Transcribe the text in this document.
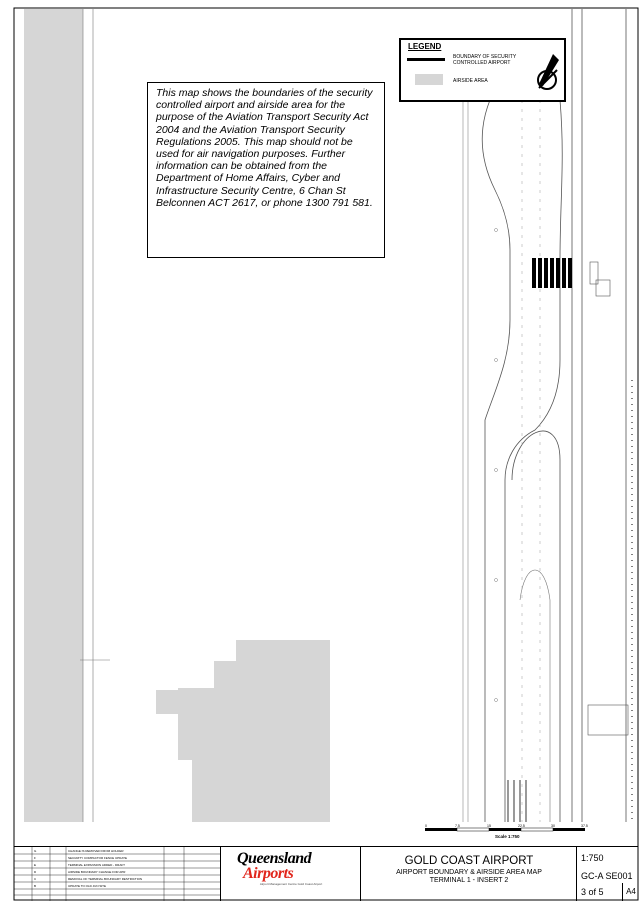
This map shows the boundaries of the security controlled airport and airside area for the purpose of the Aviation Transport Security Act 2004 and the Aviation Transport Security Regulations 2005. This map should not be used for air navigation purposes. Further information can be obtained from the Department of Home Affairs, Cyber and Infrastructure Security Centre, 6 Chan St Belconnen ACT 2617, or phone 1300 791 581.
LEGEND
BOUNDARY OF SECURITY CONTROLLED AIRPORT
AIRSIDE AREA
0	7.5	15	22.5	30	37.5
Scale 1:750
G	CHANGE IS REMOVED FROM HOLDER
F	SECURITY COMPACTOR FENCE UPDATE
E	TERMINAL EXPANSION ADDED - DRAFT
D	AIRSIDE BOUNDARY CHANGE FOR APR
C	REMOVAL OF TERMINAL BOUNDARY RESTRICTION
B	UPDATE TO OLD JUN SITE
Queensland
Airports
Airport Management Centre Gold Coast Airport
GOLD COAST AIRPORT
AIRPORT BOUNDARY & AIRSIDE AREA MAP
TERMINAL 1 - INSERT 2
1:750
GC-A SE001
3 of 5	A4
